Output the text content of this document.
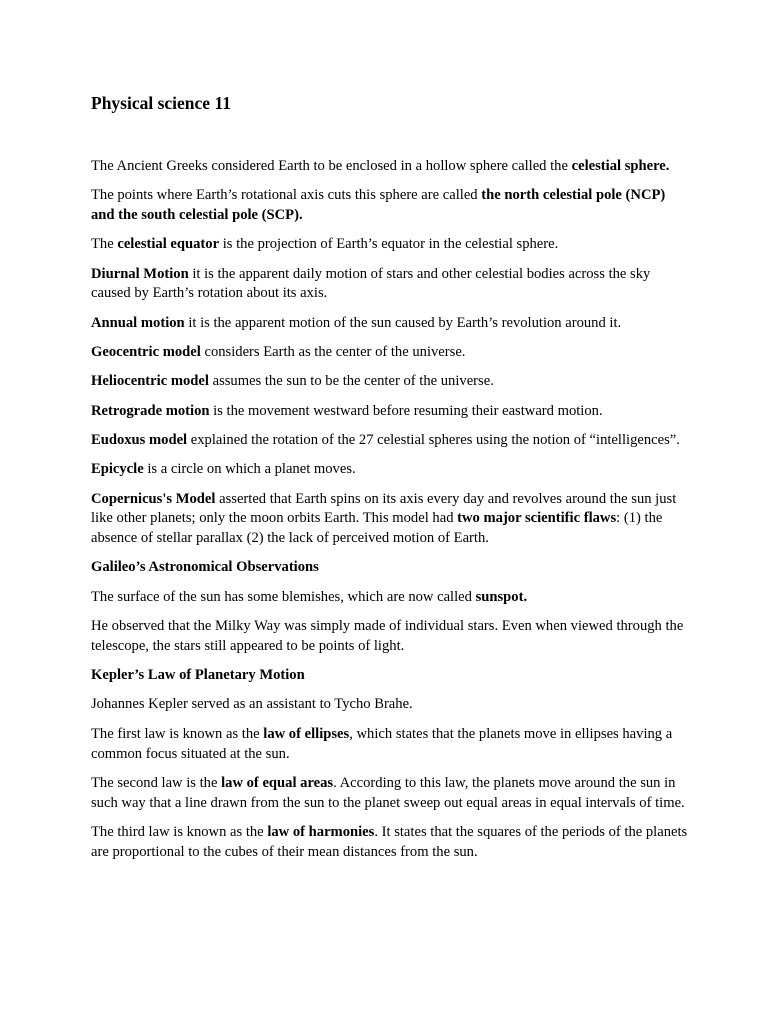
Physical science 11

The Ancient Greeks considered Earth to be enclosed in a hollow sphere called the celestial sphere.

The points where Earth’s rotational axis cuts this sphere are called the north celestial pole (NCP) and the south celestial pole (SCP).

The celestial equator is the projection of Earth’s equator in the celestial sphere.

Diurnal Motion it is the apparent daily motion of stars and other celestial bodies across the sky caused by Earth’s rotation about its axis.

Annual motion it is the apparent motion of the sun caused by Earth’s revolution around it.

Geocentric model considers Earth as the center of the universe.

Heliocentric model assumes the sun to be the center of the universe.

Retrograde motion is the movement westward before resuming their eastward motion.

Eudoxus model explained the rotation of the 27 celestial spheres using the notion of “intelligences”.

Epicycle is a circle on which a planet moves.

Copernicus's Model asserted that Earth spins on its axis every day and revolves around the sun just like other planets; only the moon orbits Earth. This model had two major scientific flaws: (1) the absence of stellar parallax (2) the lack of perceived motion of Earth.

Galileo’s Astronomical Observations

The surface of the sun has some blemishes, which are now called sunspot.

He observed that the Milky Way was simply made of individual stars. Even when viewed through the telescope, the stars still appeared to be points of light.

Kepler’s Law of Planetary Motion

Johannes Kepler served as an assistant to Tycho Brahe.

The first law is known as the law of ellipses, which states that the planets move in ellipses having a common focus situated at the sun.

The second law is the law of equal areas. According to this law, the planets move around the sun in such way that a line drawn from the sun to the planet sweep out equal areas in equal intervals of time.

The third law is known as the law of harmonies. It states that the squares of the periods of the planets are proportional to the cubes of their mean distances from the sun.
